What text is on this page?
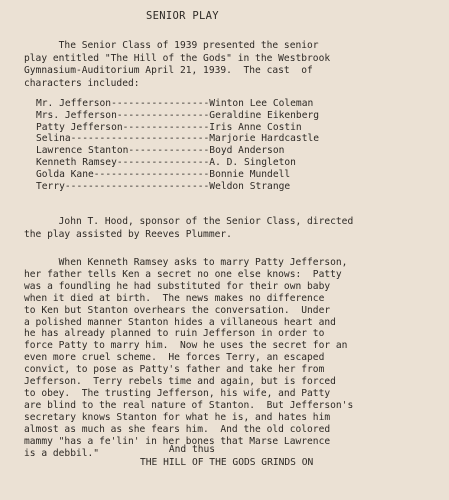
SENIOR PLAY
The Senior Class of 1939 presented the senior
play entitled "The Hill of the Gods" in the Westbrook
Gymnasium-Auditorium April 21, 1939.  The cast  of
characters included:
Mr. Jefferson-----------------Winton Lee Coleman
Mrs. Jefferson----------------Geraldine Eikenberg
Patty Jefferson---------------Iris Anne Costin
Selina------------------------Marjorie Hardcastle
Lawrence Stanton--------------Boyd Anderson
Kenneth Ramsey----------------A. D. Singleton
Golda Kane--------------------Bonnie Mundell
Terry-------------------------Weldon Strange
John T. Hood, sponsor of the Senior Class, directed
the play assisted by Reeves Plummer.
When Kenneth Ramsey asks to marry Patty Jefferson,
her father tells Ken a secret no one else knows:  Patty
was a foundling he had substituted for their own baby
when it died at birth.  The news makes no difference
to Ken but Stanton overhears the conversation.  Under
a polished manner Stanton hides a villaneous heart and
he has already planned to ruin Jefferson in order to
force Patty to marry him.  Now he uses the secret for an
even more cruel scheme.  He forces Terry, an escaped
convict, to pose as Patty's father and take her from
Jefferson.  Terry rebels time and again, but is forced
to obey.  The trusting Jefferson, his wife, and Patty
are blind to the real nature of Stanton.  But Jefferson's
secretary knows Stanton for what he is, and hates him
almost as much as she fears him.  And the old colored
mammy "has a fe'lin' in her bones that Marse Lawrence
is a debbil."	And thus
THE HILL OF THE GODS GRINDS ON
